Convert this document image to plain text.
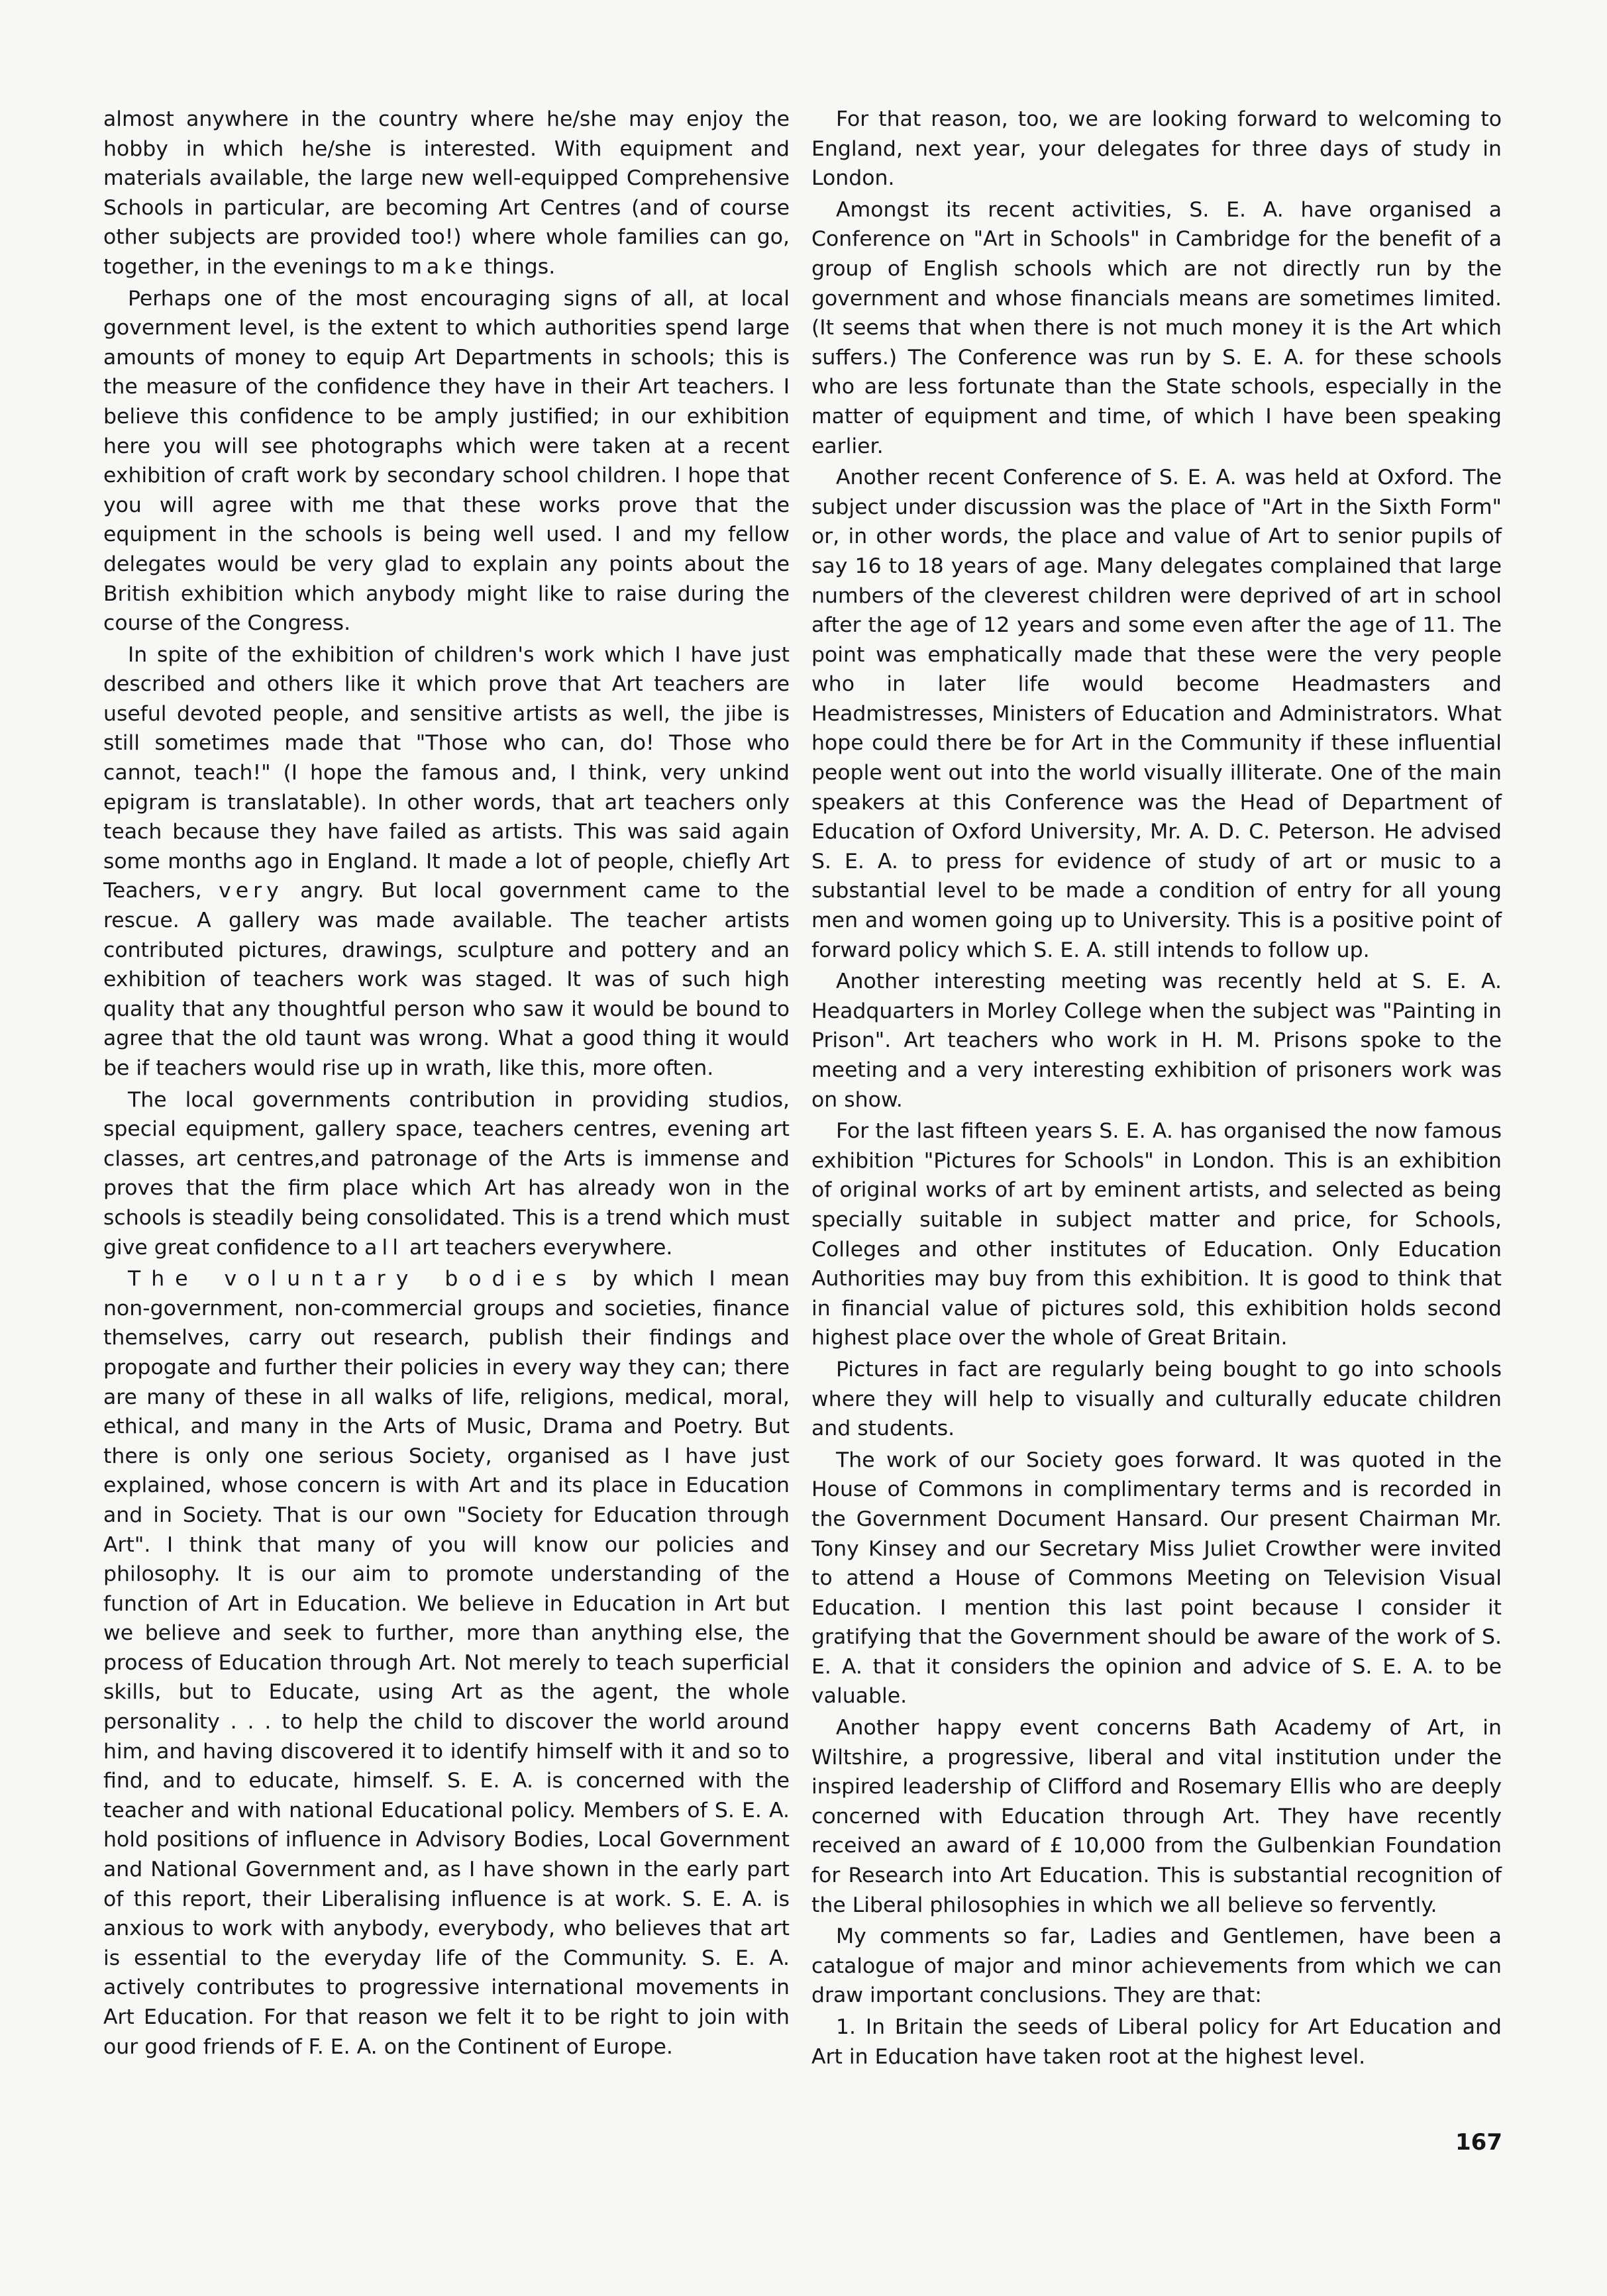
almost anywhere in the country where he/she may enjoy the hobby in which he/she is interested. With equipment and materials available, the large new well-equipped Comprehensive Schools in particular, are becoming Art Centres (and of course other subjects are provided too!) where whole families can go, together, in the evenings to make things.

Perhaps one of the most encouraging signs of all, at local government level, is the extent to which authorities spend large amounts of money to equip Art Departments in schools; this is the measure of the confidence they have in their Art teachers. I believe this confidence to be amply justified; in our exhibition here you will see photographs which were taken at a recent exhibition of craft work by secondary school children. I hope that you will agree with me that these works prove that the equipment in the schools is being well used. I and my fellow delegates would be very glad to explain any points about the British exhibition which anybody might like to raise during the course of the Congress.

In spite of the exhibition of children's work which I have just described and others like it which prove that Art teachers are useful devoted people, and sensitive artists as well, the jibe is still sometimes made that "Those who can, do! Those who cannot, teach!" (I hope the famous and, I think, very unkind epigram is translatable). In other words, that art teachers only teach because they have failed as artists. This was said again some months ago in England. It made a lot of people, chiefly Art Teachers, very angry. But local government came to the rescue. A gallery was made available. The teacher artists contributed pictures, drawings, sculpture and pottery and an exhibition of teachers work was staged. It was of such high quality that any thoughtful person who saw it would be bound to agree that the old taunt was wrong. What a good thing it would be if teachers would rise up in wrath, like this, more often.

The local governments contribution in providing studios, special equipment, gallery space, teachers centres, evening art classes, art centres,and patronage of the Arts is immense and proves that the firm place which Art has already won in the schools is steadily being consolidated. This is a trend which must give great confidence to all art teachers everywhere.

The voluntary bodies by which I mean non-government, non-commercial groups and societies, finance themselves, carry out research, publish their findings and propogate and further their policies in every way they can; there are many of these in all walks of life, religions, medical, moral, ethical, and many in the Arts of Music, Drama and Poetry. But there is only one serious Society, organised as I have just explained, whose concern is with Art and its place in Education and in Society. That is our own "Society for Education through Art". I think that many of you will know our policies and philosophy. It is our aim to promote understanding of the function of Art in Education. We believe in Education in Art but we believe and seek to further, more than anything else, the process of Education through Art. Not merely to teach superficial skills, but to Educate, using Art as the agent, the whole personality . . . to help the child to discover the world around him, and having discovered it to identify himself with it and so to find, and to educate, himself. S. E. A. is concerned with the teacher and with national Educational policy. Members of S. E. A. hold positions of influence in Advisory Bodies, Local Government and National Government and, as I have shown in the early part of this report, their Liberalising influence is at work. S. E. A. is anxious to work with anybody, everybody, who believes that art is essential to the everyday life of the Community. S. E. A. actively contributes to progressive international movements in Art Education. For that reason we felt it to be right to join with our good friends of F. E. A. on the Continent of Europe.

For that reason, too, we are looking forward to welcoming to England, next year, your delegates for three days of study in London.

Amongst its recent activities, S. E. A. have organised a Conference on "Art in Schools" in Cambridge for the benefit of a group of English schools which are not directly run by the government and whose financials means are sometimes limited. (It seems that when there is not much money it is the Art which suffers.) The Conference was run by S. E. A. for these schools who are less fortunate than the State schools, especially in the matter of equipment and time, of which I have been speaking earlier.

Another recent Conference of S. E. A. was held at Oxford. The subject under discussion was the place of "Art in the Sixth Form" or, in other words, the place and value of Art to senior pupils of say 16 to 18 years of age. Many delegates complained that large numbers of the cleverest children were deprived of art in school after the age of 12 years and some even after the age of 11. The point was emphatically made that these were the very people who in later life would become Headmasters and Headmistresses, Ministers of Education and Administrators. What hope could there be for Art in the Community if these influential people went out into the world visually illiterate. One of the main speakers at this Conference was the Head of Department of Education of Oxford University, Mr. A. D. C. Peterson. He advised S. E. A. to press for evidence of study of art or music to a substantial level to be made a condition of entry for all young men and women going up to University. This is a positive point of forward policy which S. E. A. still intends to follow up.

Another interesting meeting was recently held at S. E. A. Headquarters in Morley College when the subject was "Painting in Prison". Art teachers who work in H. M. Prisons spoke to the meeting and a very interesting exhibition of prisoners work was on show.

For the last fifteen years S. E. A. has organised the now famous exhibition "Pictures for Schools" in London. This is an exhibition of original works of art by eminent artists, and selected as being specially suitable in subject matter and price, for Schools, Colleges and other institutes of Education. Only Education Authorities may buy from this exhibition. It is good to think that in financial value of pictures sold, this exhibition holds second highest place over the whole of Great Britain.

Pictures in fact are regularly being bought to go into schools where they will help to visually and culturally educate children and students.

The work of our Society goes forward. It was quoted in the House of Commons in complimentary terms and is recorded in the Government Document Hansard. Our present Chairman Mr. Tony Kinsey and our Secretary Miss Juliet Crowther were invited to attend a House of Commons Meeting on Television Visual Education. I mention this last point because I consider it gratifying that the Government should be aware of the work of S. E. A. that it considers the opinion and advice of S. E. A. to be valuable.

Another happy event concerns Bath Academy of Art, in Wiltshire, a progressive, liberal and vital institution under the inspired leadership of Clifford and Rosemary Ellis who are deeply concerned with Education through Art. They have recently received an award of £ 10,000 from the Gulbenkian Foundation for Research into Art Education. This is substantial recognition of the Liberal philosophies in which we all believe so fervently.

My comments so far, Ladies and Gentlemen, have been a catalogue of major and minor achievements from which we can draw important conclusions. They are that:

1. In Britain the seeds of Liberal policy for Art Education and Art in Education have taken root at the highest level.

167
